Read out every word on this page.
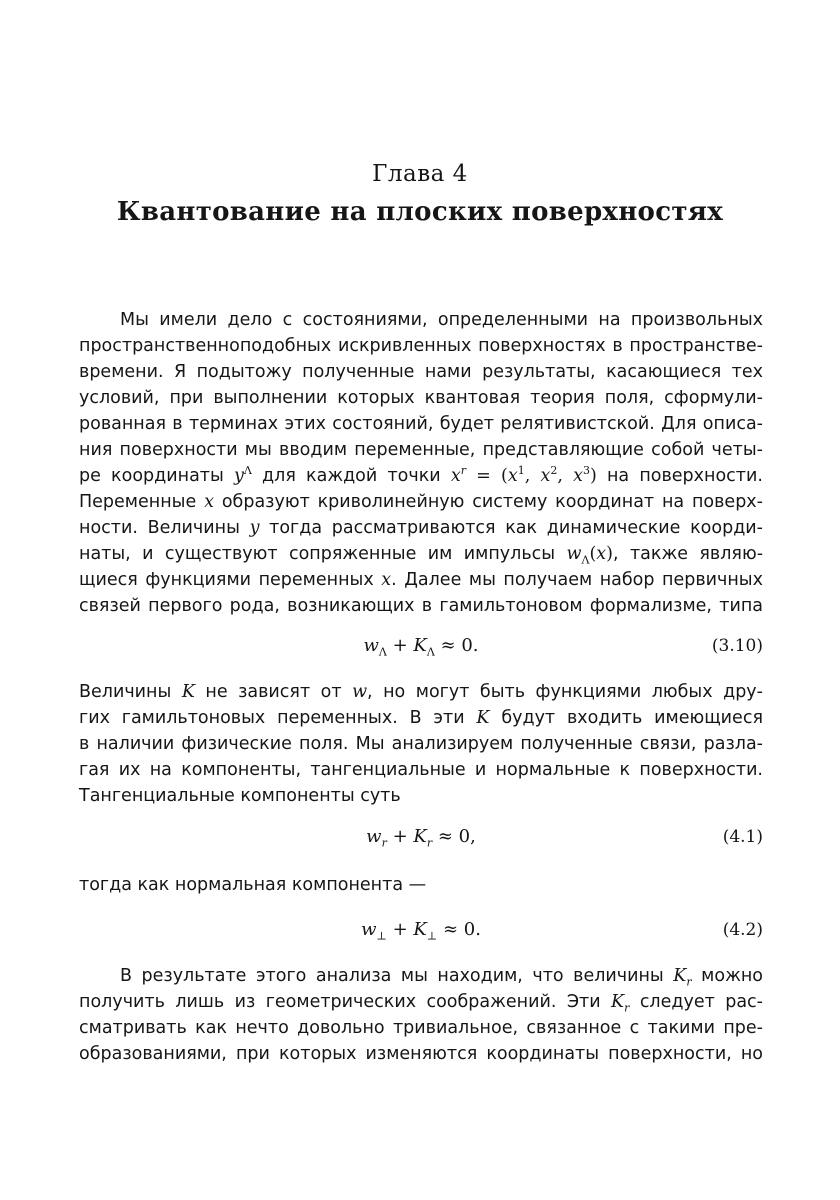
Глава 4
Квантование на плоских поверхностях
Мы имели дело с состояниями, определенными на произвольных
пространственноподобных искривленных поверхностях в пространстве-
времени. Я подытожу полученные нами результаты, касающиеся тех
условий, при выполнении которых квантовая теория поля, сформули-
рованная в терминах этих состояний, будет релятивистской. Для описа-
ния поверхности мы вводим переменные, представляющие собой четы-
ре координаты $y^\Lambda$ для каждой точки $x^r = (x^1$, $x^2$, $x^3$) на поверхности.
Переменные x образуют криволинейную систему координат на поверх-
ности. Величины y тогда рассматриваются как динамические коорди-
наты, и существуют сопряженные им импульсы $w_\Lambda(x)$, также являю-
щиеся функциями переменных x. Далее мы получаем набор первичных
связей первого рода, возникающих в гамильтоновом формализме, типа
$w_\Lambda + K_\Lambda \approx 0$.	(3.10)
Величины K не зависят от w, но могут быть функциями любых дру-
гих гамильтоновых переменных. В эти K будут входить имеющиеся
в наличии физические поля. Мы анализируем полученные связи, разла-
гая их на компоненты, тангенциальные и нормальные к поверхности.
Тангенциальные компоненты суть
$w_r + K_r \approx 0$,	(4.1)
тогда как нормальная компонента —
$w_\perp + K_\perp \approx 0$.	(4.2)
В результате этого анализа мы находим, что величины $K_r$ можно
получить лишь из геометрических соображений. Эти $K_r$ следует рас-
сматривать как нечто довольно тривиальное, связанное с такими пре-
образованиями, при которых изменяются координаты поверхности, но
